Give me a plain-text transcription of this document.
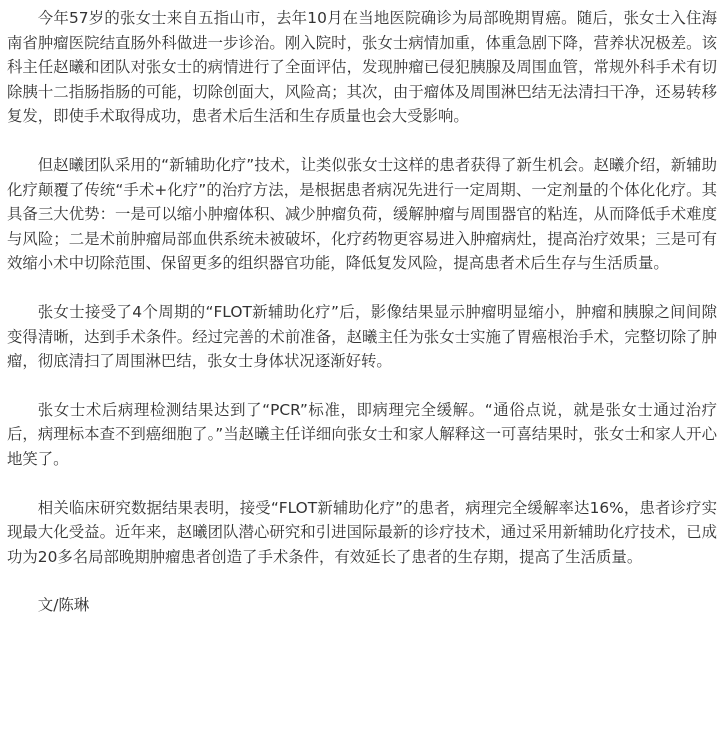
今年57岁的张女士来自五指山市，去年10月在当地医院确诊为局部晚期胃癌。随后，张女士入住海南省肿瘤医院结直肠外科做进一步诊治。刚入院时，张女士病情加重，体重急剧下降，营养状况极差。该科主任赵曦和团队对张女士的病情进行了全面评估，发现肿瘤已侵犯胰腺及周围血管，常规外科手术有切除胰十二指肠指肠的可能，切除创面大，风险高；其次，由于瘤体及周围淋巴结无法清扫干净，还易转移复发，即使手术取得成功，患者术后生活和生存质量也会大受影响。

但赵曦团队采用的“新辅助化疗”技术，让类似张女士这样的患者获得了新生机会。赵曦介绍，新辅助化疗颠覆了传统“手术+化疗”的治疗方法，是根据患者病况先进行一定周期、一定剂量的个体化化疗。其具备三大优势：一是可以缩小肿瘤体积、减少肿瘤负荷，缓解肿瘤与周围器官的粘连，从而降低手术难度与风险；二是术前肿瘤局部血供系统未被破坏，化疗药物更容易进入肿瘤病灶，提高治疗效果；三是可有效缩小术中切除范围、保留更多的组织器官功能，降低复发风险，提高患者术后生存与生活质量。

张女士接受了4个周期的“FLOT新辅助化疗”后，影像结果显示肿瘤明显缩小，肿瘤和胰腺之间间隙变得清晰，达到手术条件。经过完善的术前准备，赵曦主任为张女士实施了胃癌根治手术，完整切除了肿瘤，彻底清扫了周围淋巴结，张女士身体状况逐渐好转。

张女士术后病理检测结果达到了“PCR”标准，即病理完全缓解。“通俗点说，就是张女士通过治疗后，病理标本查不到癌细胞了。”当赵曦主任详细向张女士和家人解释这一可喜结果时，张女士和家人开心地笑了。

相关临床研究数据结果表明，接受“FLOT新辅助化疗”的患者，病理完全缓解率达16%，患者诊疗实现最大化受益。近年来，赵曦团队潜心研究和引进国际最新的诊疗技术，通过采用新辅助化疗技术，已成功为20多名局部晚期肿瘤患者创造了手术条件，有效延长了患者的生存期，提高了生活质量。

文/陈琳
